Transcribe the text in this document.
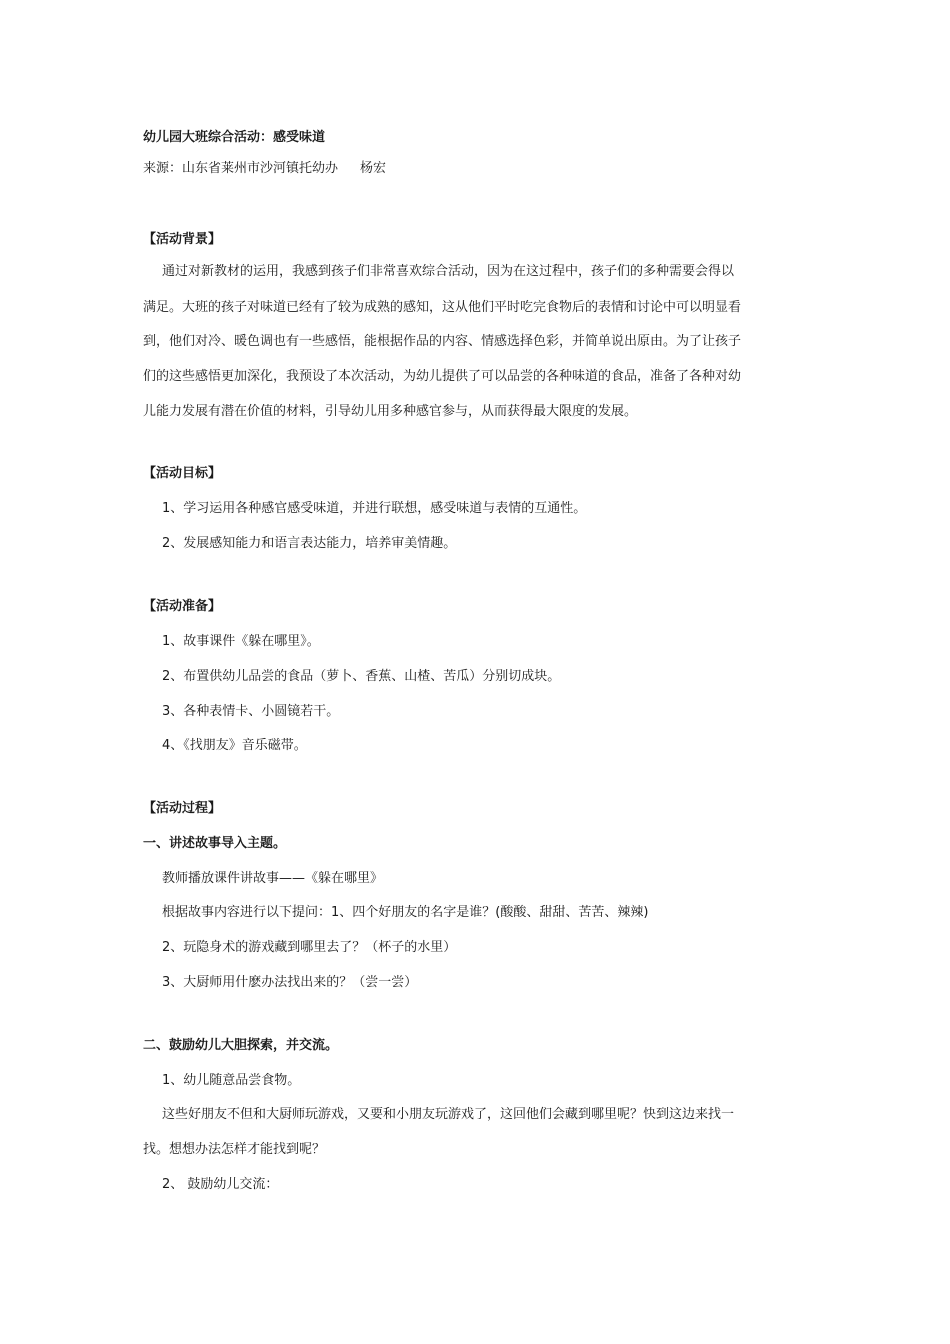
幼儿园大班综合活动：感受味道
来源：山东省莱州市沙河镇托幼办 杨宏
【活动背景】
通过对新教材的运用，我感到孩子们非常喜欢综合活动，因为在这过程中，孩子们的多种需要会得以
满足。大班的孩子对味道已经有了较为成熟的感知，这从他们平时吃完食物后的表情和讨论中可以明显看
到，他们对冷、暖色调也有一些感悟，能根据作品的内容、情感选择色彩，并简单说出原由。为了让孩子
们的这些感悟更加深化，我预设了本次活动，为幼儿提供了可以品尝的各种味道的食品，准备了各种对幼
儿能力发展有潜在价值的材料，引导幼儿用多种感官参与，从而获得最大限度的发展。
【活动目标】
1、学习运用各种感官感受味道，并进行联想，感受味道与表情的互通性。
2、发展感知能力和语言表达能力，培养审美情趣。
【活动准备】
1、故事课件《躲在哪里》。
2、布置供幼儿品尝的食品（萝卜、香蕉、山楂、苦瓜）分别切成块。
3、各种表情卡、小圆镜若干。
4、《找朋友》音乐磁带。
【活动过程】
一、讲述故事导入主题。
教师播放课件讲故事——《躲在哪里》
根据故事内容进行以下提问：1、四个好朋友的名字是谁？(酸酸、甜甜、苦苦、辣辣)
2、玩隐身术的游戏藏到哪里去了？（杯子的水里）
3、大厨师用什麽办法找出来的？（尝一尝）
二、鼓励幼儿大胆探索，并交流。
1、幼儿随意品尝食物。
这些好朋友不但和大厨师玩游戏，又要和小朋友玩游戏了，这回他们会藏到哪里呢？快到这边来找一
找。想想办法怎样才能找到呢？
2、 鼓励幼儿交流：
